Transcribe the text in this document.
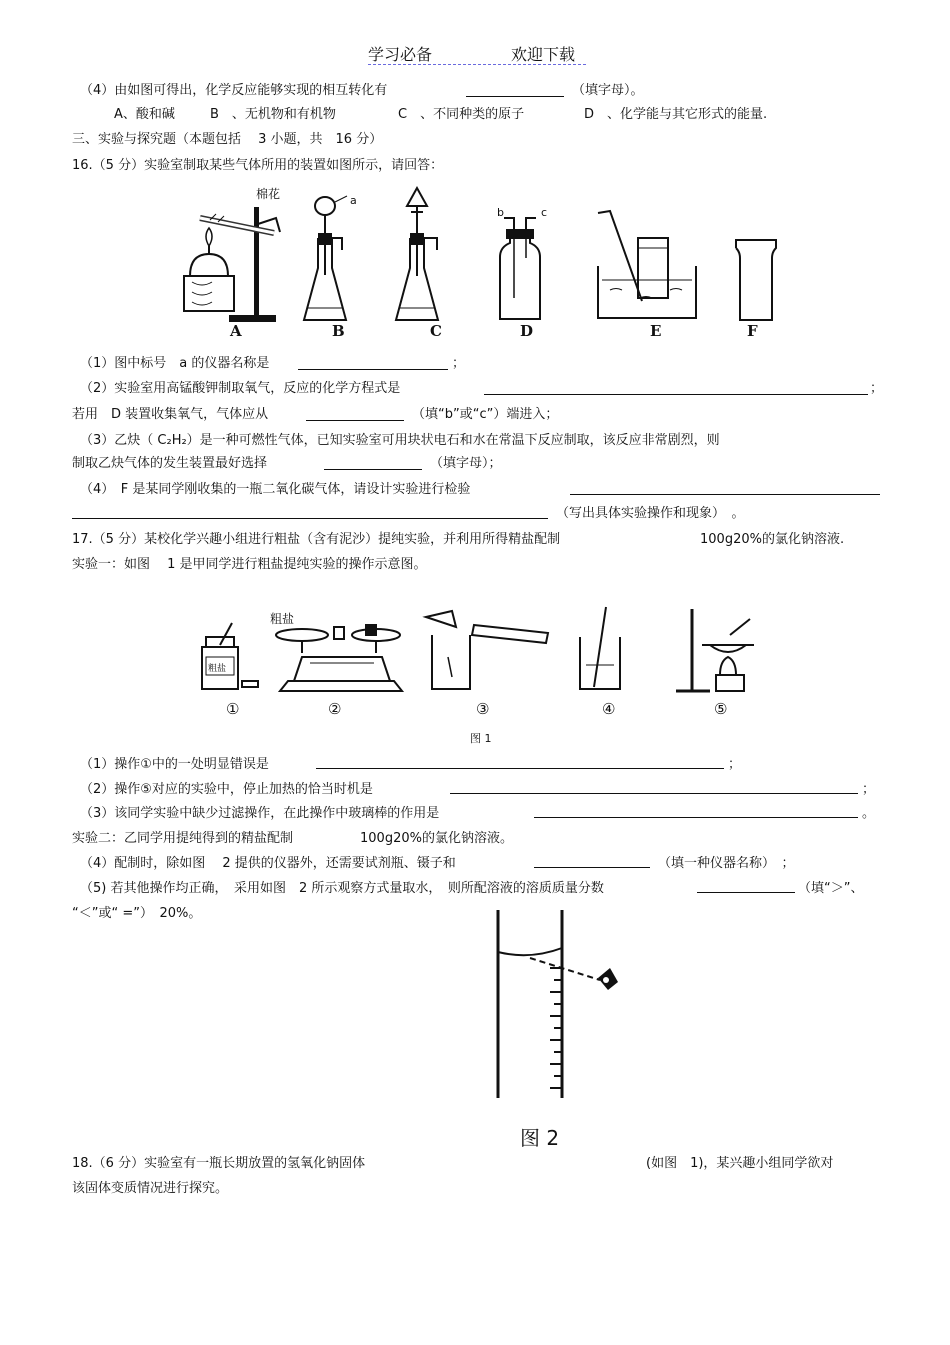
学习必备	欢迎下载
（4）由如图可得出，化学反应能够实现的相互转化有	（填字母）。
A、酸和碱	B　、无机物和有机物	C　、不同种类的原子	D　、化学能与其它形式的能量.
三、实验与探究题（本题包括　 3 小题，共　16 分）
16.（5 分）实验室制取某些气体所用的装置如图所示，请回答：
棉花	a
b	c
A	B	C	D	E	F
（1）图中标号　a 的仪器名称是	；
（2）实验室用高锰酸钾制取氧气，反应的化学方程式是	；
若用　D 装置收集氧气，气体应从	（填“b”或“c”）端进入；
（3）乙炔（ C₂H₂）是一种可燃性气体，已知实验室可用块状电石和水在常温下反应制取，该反应非常剧烈，则
制取乙炔气体的发生装置最好选择	（填字母）；
（4）　F 是某同学刚收集的一瓶二氧化碳气体，请设计实验进行检验
（写出具体实验操作和现象）　。
17.（5 分）某校化学兴趣小组进行粗盐（含有泥沙）提纯实验，并利用所得精盐配制	100g20%的氯化钠溶液.
实验一：如图　 1 是甲同学进行粗盐提纯实验的操作示意图。
粗盐
粗盐
①	②	③	④	⑤
图 1
（1）操作①中的一处明显错误是	；
（2）操作⑤对应的实验中，停止加热的恰当时机是	；
（3）该同学实验中缺少过滤操作，在此操作中玻璃棒的作用是	。
实验二：乙同学用提纯得到的精盐配制	100g20%的氯化钠溶液。
（4）配制时，除如图　 2 提供的仪器外，还需要试剂瓶、镊子和	（填一种仪器名称）　；
（5) 若其他操作均正确，　采用如图　2 所示观察方式量取水，　则所配溶液的溶质质量分数	（填“＞”、
“＜”或“ =”）　20%。
图 2
18.（6 分）实验室有一瓶长期放置的氢氧化钠固体	(如图　1)，某兴趣小组同学欲对
该固体变质情况进行探究。
